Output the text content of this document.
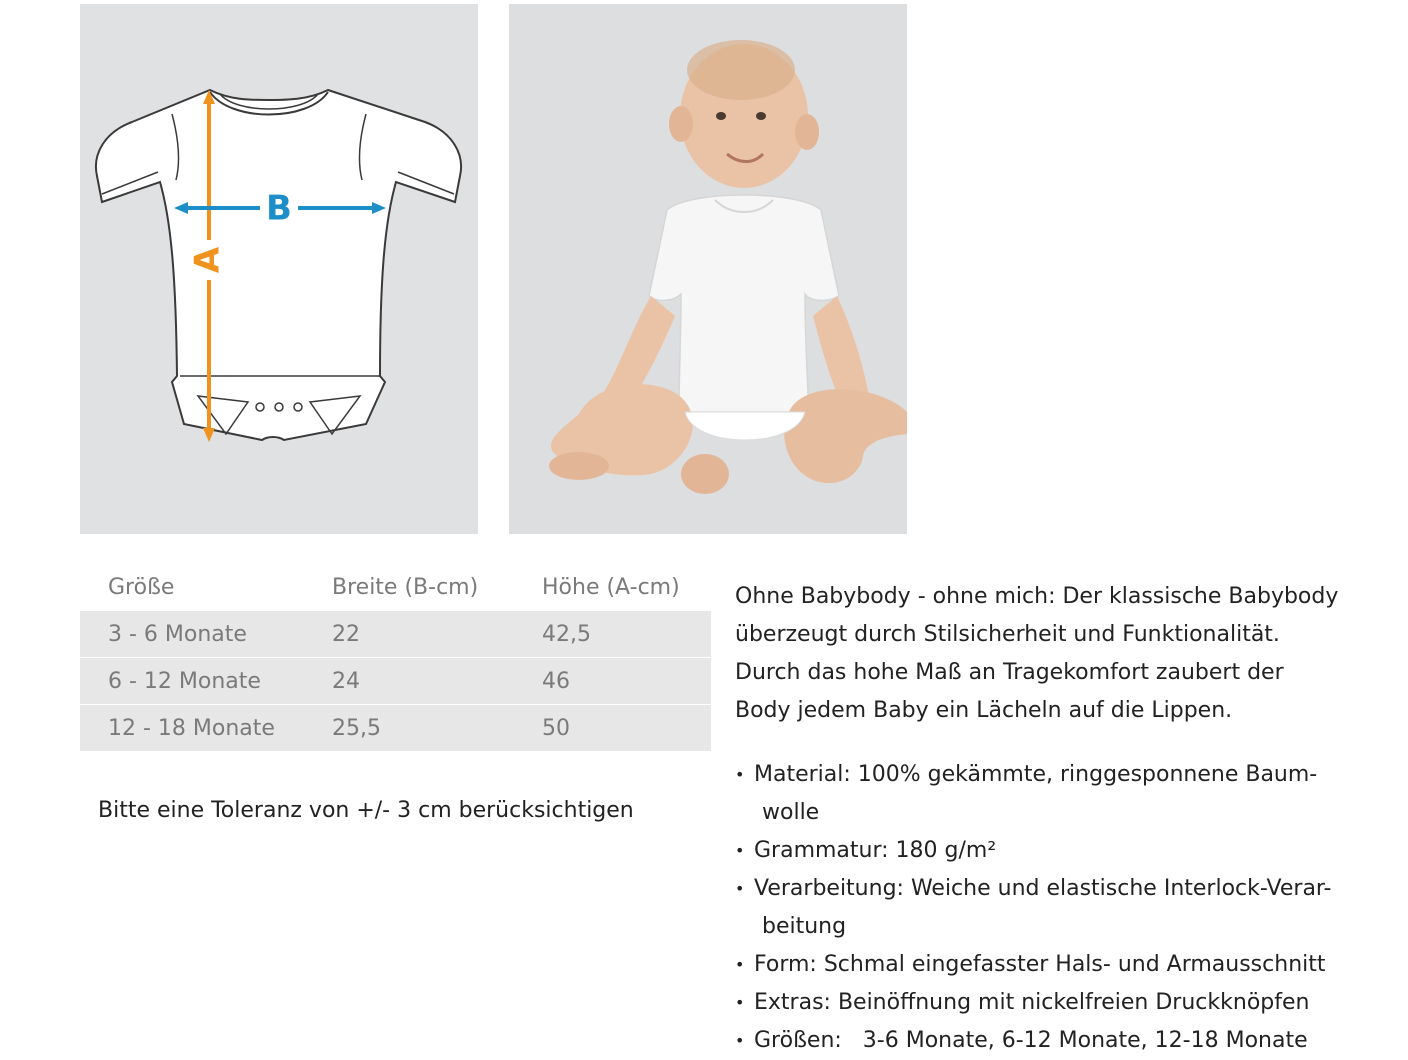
A
B
Größe	Breite (B-cm)	Höhe (A-cm)
3 - 6 Monate	22	42,5
6 - 12 Monate	24	46
12 - 18 Monate	25,5	50
Bitte eine Toleranz von +/- 3 cm berücksichtigen

Ohne Babybody - ohne mich: Der klassische Babybody
überzeugt durch Stilsicherheit und Funktionalität.
Durch das hohe Maß an Tragekomfort zaubert der
Body jedem Baby ein Lächeln auf die Lippen.

• Material: 100% gekämmte, ringgesponnene Baum-
wolle
• Grammatur: 180 g/m²
• Verarbeitung: Weiche und elastische Interlock-Verar-
beitung
• Form: Schmal eingefasster Hals- und Armausschnitt
• Extras: Beinöffnung mit nickelfreien Druckknöpfen
• Größen:   3-6 Monate, 6-12 Monate, 12-18 Monate
